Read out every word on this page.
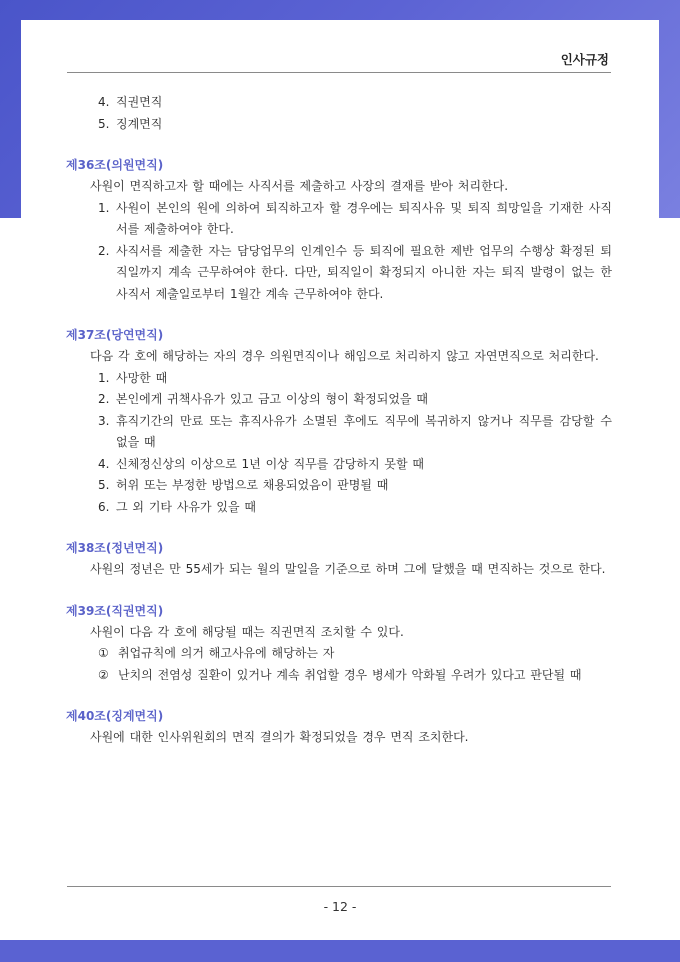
인사규정
4. 직권면직
5. 징계면직
제36조(의원면직)
사원이 면직하고자 할 때에는 사직서를 제출하고 사장의 결재를 받아 처리한다.
1. 사원이 본인의 원에 의하여 퇴직하고자 할 경우에는 퇴직사유 및 퇴직 희망일을 기재한 사직서를 제출하여야 한다.
2. 사직서를 제출한 자는 담당업무의 인계인수 등 퇴직에 필요한 제반 업무의 수행상 확정된 퇴직일까지 계속 근무하여야 한다. 다만, 퇴직일이 확정되지 아니한 자는 퇴직 발령이 없는 한 사직서 제출일로부터 1월간 계속 근무하여야 한다.
제37조(당연면직)
다음 각 호에 해당하는 자의 경우 의원면직이나 해임으로 처리하지 않고 자연면직으로 처리한다.
1. 사망한 때
2. 본인에게 귀책사유가 있고 금고 이상의 형이 확정되었을 때
3. 휴직기간의 만료 또는 휴직사유가 소멸된 후에도 직무에 복귀하지 않거나 직무를 감당할 수 없을 때
4. 신체정신상의 이상으로 1년 이상 직무를 감당하지 못할 때
5. 허위 또는 부정한 방법으로 채용되었음이 판명될 때
6. 그 외 기타 사유가 있을 때
제38조(정년면직)
사원의 정년은 만 55세가 되는 월의 말일을 기준으로 하며 그에 달했을 때 면직하는 것으로 한다.
제39조(직권면직)
사원이 다음 각 호에 해당될 때는 직권면직 조치할 수 있다.
① 취업규칙에 의거 해고사유에 해당하는 자
② 난치의 전염성 질환이 있거나 계속 취업할 경우 병세가 악화될 우려가 있다고 판단될 때
제40조(징계면직)
사원에 대한 인사위원회의 면직 결의가 확정되었을 경우 면직 조치한다.
- 12 -
